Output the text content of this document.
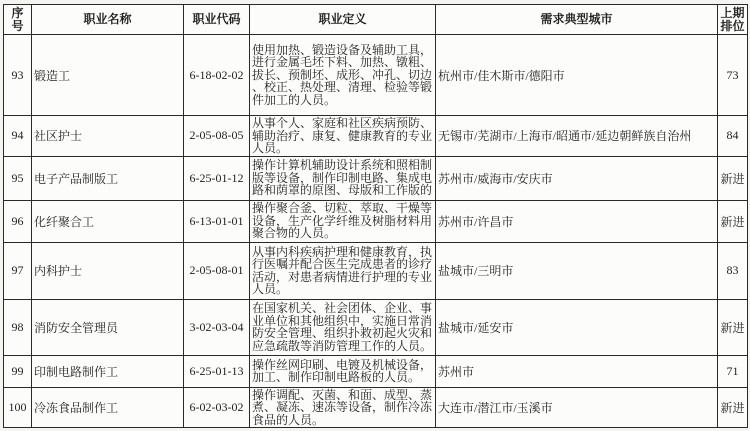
序号	职业名称	职业代码	职业定义	需求典型城市	上期排位
93	锻造工	6-18-02-02	使用加热、锻造设备及辅助工具，进行金属毛坯下料、加热、镦粗、拔长、预制坯、成形、冲孔、切边、校正、热处理、清理、检验等锻件加工的人员。	杭州市/佳木斯市/德阳市	73
94	社区护士	2-05-08-05	从事个人、家庭和社区疾病预防、辅助治疗、康复、健康教育的专业人员。	无锡市/芜湖市/上海市/昭通市/延边朝鲜族自治州	84
95	电子产品制版工	6-25-01-12	操作计算机辅助设计系统和照相制版等设备，制作印制电路、集成电路和荫罩的原图、母版和工作版的	苏州市/威海市/安庆市	新进
96	化纤聚合工	6-13-01-01	操作聚合釜、切粒、萃取、干燥等设备，生产化学纤维及树脂材料用聚合物的人员。	苏州市/许昌市	新进
97	内科护士	2-05-08-01	从事内科疾病护理和健康教育，执行医嘱并配合医生完成患者的诊疗活动，对患者病情进行护理的专业人员。	盐城市/三明市	83
98	消防安全管理员	3-02-03-04	在国家机关、社会团体、企业、事业单位和其他组织中，实施日常消防安全管理、组织扑救初起火灾和应急疏散等消防管理工作的人员。	盐城市/延安市	新进
99	印制电路制作工	6-25-01-13	操作丝网印刷、电镀及机械设备，加工、制作印制电路板的人员。	苏州市	71
100	冷冻食品制作工	6-02-03-02	操作调配、灭菌、和面、成型、蒸煮、凝冻、速冻等设备，制作冷冻食品的人员。	大连市/潜江市/玉溪市	新进
